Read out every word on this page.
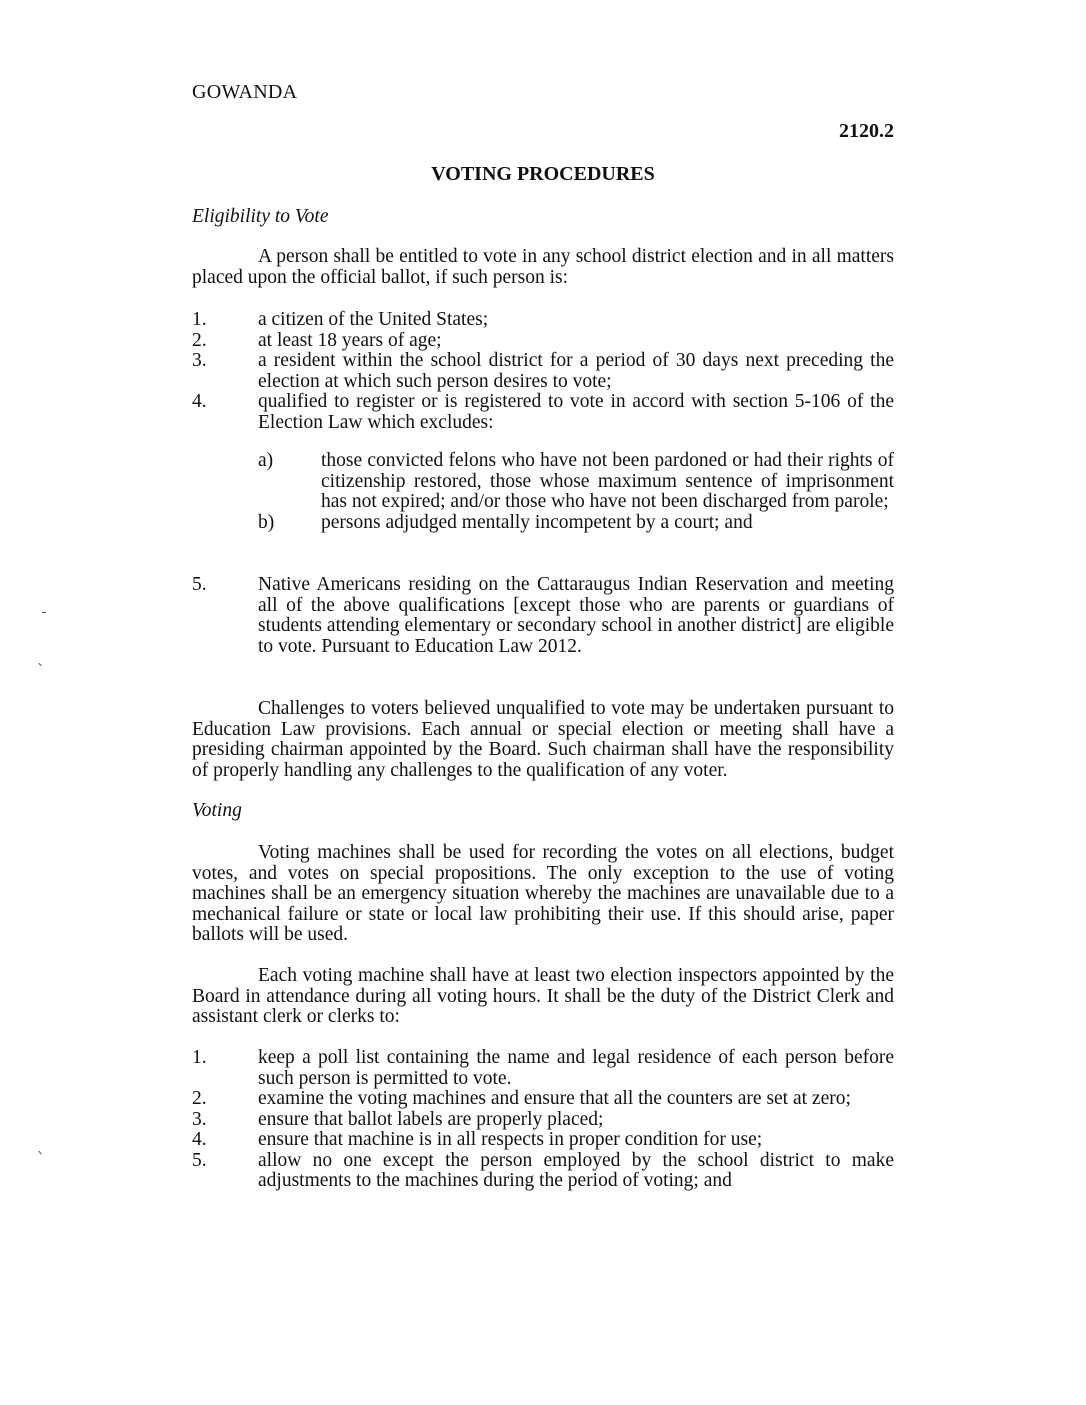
GOWANDA
2120.2
VOTING PROCEDURES
Eligibility to Vote

A person shall be entitled to vote in any school district election and in all matters placed upon the official ballot, if such person is:

1.	a citizen of the United States;
2.	at least 18 years of age;
3.	a resident within the school district for a period of 30 days next preceding the election at which such person desires to vote;
4.	qualified to register or is registered to vote in accord with section 5-106 of the Election Law which excludes:
a)	those convicted felons who have not been pardoned or had their rights of citizenship restored, those whose maximum sentence of imprisonment has not expired; and/or those who have not been discharged from parole;
b)	persons adjudged mentally incompetent by a court; and
5.	Native Americans residing on the Cattaraugus Indian Reservation and meeting all of the above qualifications [except those who are parents or guardians of students attending elementary or secondary school in another district] are eligible to vote. Pursuant to Education Law 2012.

Challenges to voters believed unqualified to vote may be undertaken pursuant to Education Law provisions. Each annual or special election or meeting shall have a presiding chairman appointed by the Board. Such chairman shall have the responsibility of properly handling any challenges to the qualification of any voter.

Voting

Voting machines shall be used for recording the votes on all elections, budget votes, and votes on special propositions. The only exception to the use of voting machines shall be an emergency situation whereby the machines are unavailable due to a mechanical failure or state or local law prohibiting their use. If this should arise, paper ballots will be used.

Each voting machine shall have at least two election inspectors appointed by the Board in attendance during all voting hours. It shall be the duty of the District Clerk and assistant clerk or clerks to:

1.	keep a poll list containing the name and legal residence of each person before such person is permitted to vote.
2.	examine the voting machines and ensure that all the counters are set at zero;
3.	ensure that ballot labels are properly placed;
4.	ensure that machine is in all respects in proper condition for use;
5.	allow no one except the person employed by the school district to make adjustments to the machines during the period of voting; and
